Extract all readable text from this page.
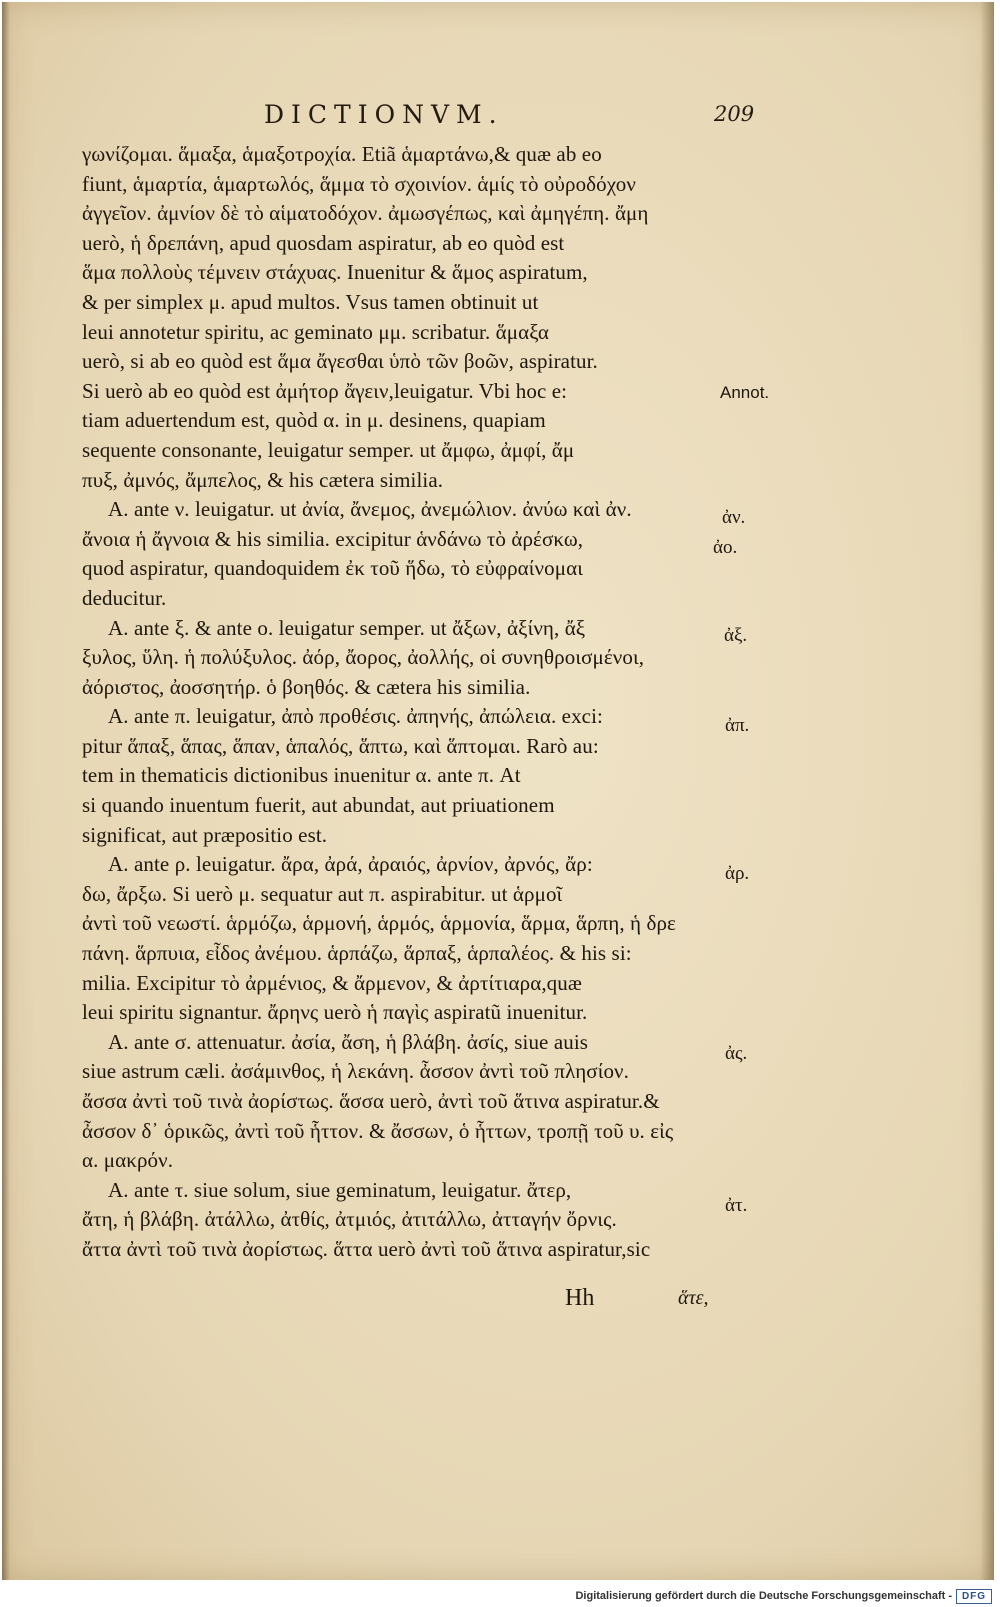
DICTIONVM.	209
γωνίζομαι. ἅμαξα, ἁμαξοτροχία. Etiã ἁμαρτάνω,& quæ ab eo
fiunt, ἁμαρτία, ἁμαρτωλός, ἅμμα τὸ σχοινίον. ἁμίς τὸ οὐροδόχον
ἀγγεῖον. ἀμνίον δὲ τὸ αἱματοδόχον. ἀμωσγέπως, καὶ ἀμηγέπη. ἄμη
uerò, ἡ δρεπάνη, apud quosdam aspiratur, ab eo quòd est
ἅμα πολλοὺς τέμνειν στάχυας. Inuenitur & ἅμος aspiratum,
& per simplex μ. apud multos. Vsus tamen obtinuit ut
leui annotetur spiritu, ac geminato μμ. scribatur. ἅμαξα
uerò, si ab eo quòd est ἅμα ἄγεσθαι ὑπὸ τῶν βοῶν, aspiratur.
Si uerò ab eo quòd est ἀμήτορ ἄγειν,leuigatur. Vbi hoc e:
tiam aduertendum est, quòd α. in μ. desinens, quapiam
sequente consonante, leuigatur semper. ut ἄμφω, ἀμφί, ἄμ
πυξ, ἀμνός, ἄμπελος, & his cætera similia.
A. ante ν. leuigatur. ut ἀνία, ἄνεμος, ἀνεμώλιον. ἀνύω καὶ ἀν.
ἄνοια ἡ ἄγνοια & his similia. excipitur ἁνδάνω τὸ ἀρέσκω,
quod aspiratur, quandoquidem ἐκ τοῦ ἥδω, τὸ εὐφραίνομαι
deducitur.
A. ante ξ. & ante ο. leuigatur semper. ut ἄξων, ἀξίνη, ἄξ
ξυλος, ὕλη. ἡ πολύξυλος. ἀόρ, ἄορος, ἀολλής, οἱ συνηθροισμένοι,
ἀόριστος, ἀοσσητήρ. ὁ βοηθός. & cætera his similia.
A. ante π. leuigatur, ἀπὸ προθέσις. ἀπηνής, ἀπώλεια. exci:
pitur ἅπαξ, ἅπας, ἅπαν, ἁπαλός, ἅπτω, καὶ ἅπτομαι. Rarò au:
tem in thematicis dictionibus inuenitur α. ante π. At
si quando inuentum fuerit, aut abundat, aut priuationem
significat, aut præpositio est.
A. ante ρ. leuigatur. ἄρα, ἀρά, ἀραιός, ἀρνίον, ἀρνός, ἄρ:
δω, ἄρξω. Si uerò μ. sequatur aut π. aspirabitur. ut ἁρμοῖ
ἀντὶ τοῦ νεωστί. ἁρμόζω, ἁρμονή, ἁρμός, ἁρμονία, ἅρμα, ἅρπη, ἡ δρε
πάνη. ἅρπυια, εἶδος ἀνέμου. ἁρπάζω, ἅρπαξ, ἁρπαλέος. & his si:
milia. Excipitur τὸ ἀρμένιος, & ἄρμενον, & ἀρτίτιαρα,quæ
leui spiritu signantur. ἄρηνς uerò ἡ παγὶς aspiratũ inuenitur.
A. ante σ. attenuatur. ἀσία, ἄση, ἡ βλάβη. ἀσίς, siue auis
siue astrum cæli. ἀσάμινθος, ἡ λεκάνη. ἆσσον ἀντὶ τοῦ πλησίον.
ἄσσα ἀντὶ τοῦ τινὰ ἀορίστως. ἅσσα uerò, ἀντὶ τοῦ ἅτινα aspiratur.&
ἆσσον δ᾽ ὁρικῶς, ἀντὶ τοῦ ἧττον. & ἄσσων, ὁ ἧττων, τροπῇ τοῦ υ. εἰς
α. μακρόν.
A. ante τ. siue solum, siue geminatum, leuigatur. ἄτερ,
ἄτη, ἡ βλάβη. ἀτάλλω, ἀτθίς, ἀτμιός, ἀτιτάλλω, ἀτταγήν ὄρνις.
ἄττα ἀντὶ τοῦ τινὰ ἀορίστως. ἅττα uerò ἀντὶ τοῦ ἅτινα aspiratur,sic
Annot.
ἀν.
ἀο.
ἀξ.
ἀπ.
ἀρ.
ἀς.
ἀτ.
Hh	ἅτε,
Digitalisierung gefördert durch die Deutsche Forschungsgemeinschaft - DFG
